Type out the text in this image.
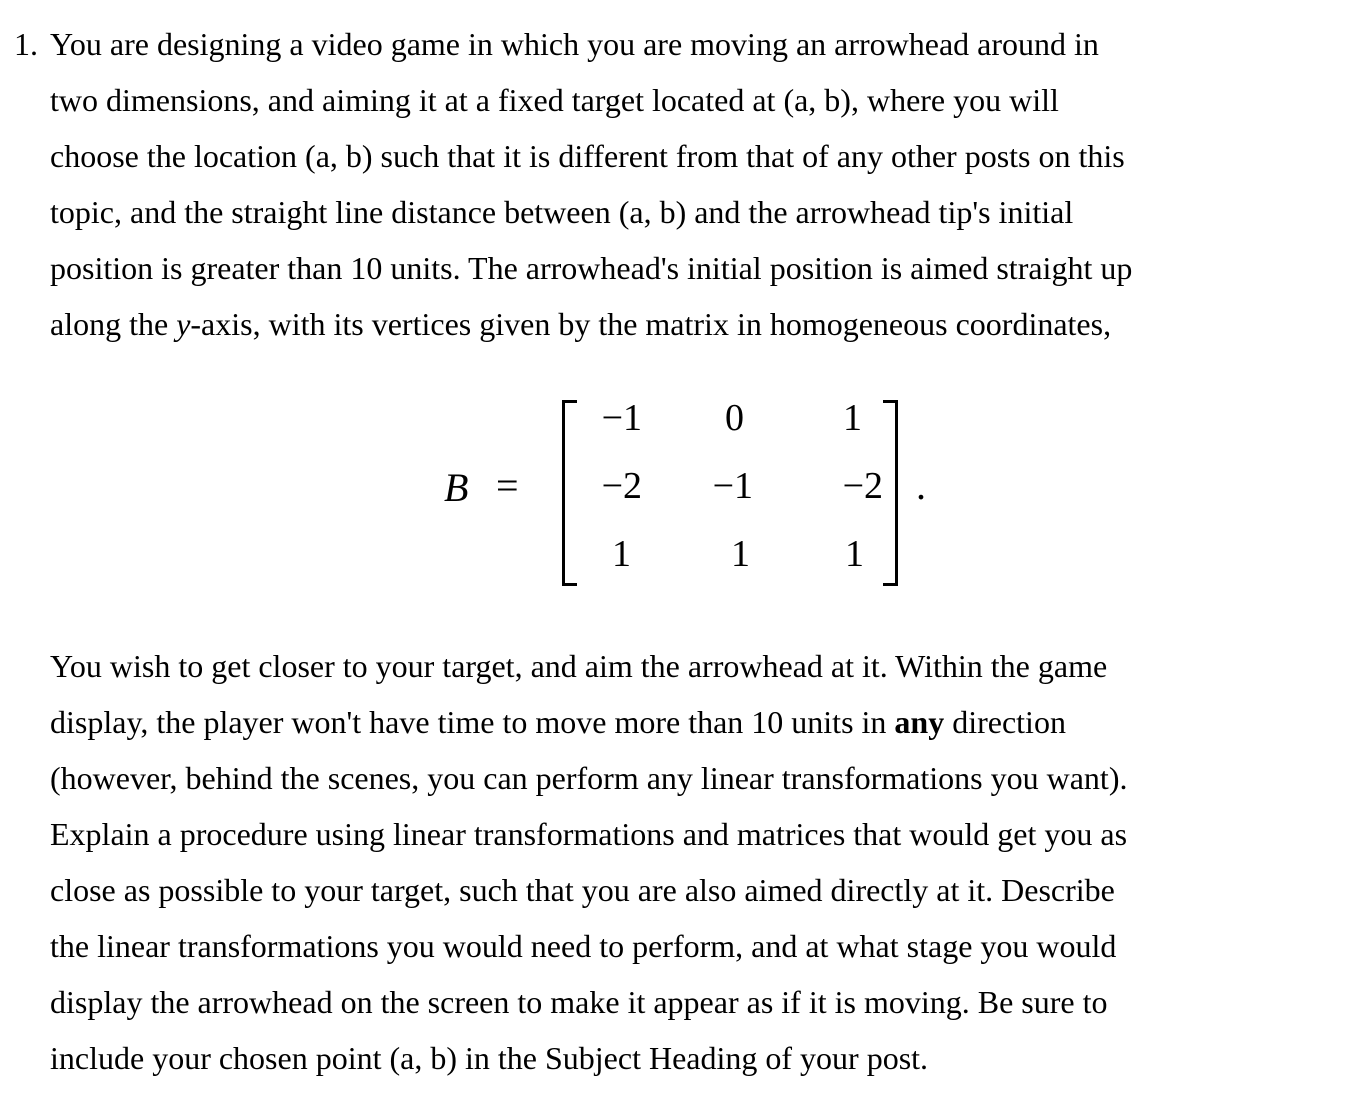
1. You are designing a video game in which you are moving an arrowhead around in
two dimensions, and aiming it at a fixed target located at (a, b), where you will
choose the location (a, b) such that it is different from that of any other posts on this
topic, and the straight line distance between (a, b) and the arrowhead tip's initial
position is greater than 10 units. The arrowhead's initial position is aimed straight up
along the y-axis, with its vertices given by the matrix in homogeneous coordinates,

B =
−1	0	1
−2	−1	−2
1	1	1
.

You wish to get closer to your target, and aim the arrowhead at it. Within the game
display, the player won't have time to move more than 10 units in any direction
(however, behind the scenes, you can perform any linear transformations you want).
Explain a procedure using linear transformations and matrices that would get you as
close as possible to your target, such that you are also aimed directly at it. Describe
the linear transformations you would need to perform, and at what stage you would
display the arrowhead on the screen to make it appear as if it is moving. Be sure to
include your chosen point (a, b) in the Subject Heading of your post.
